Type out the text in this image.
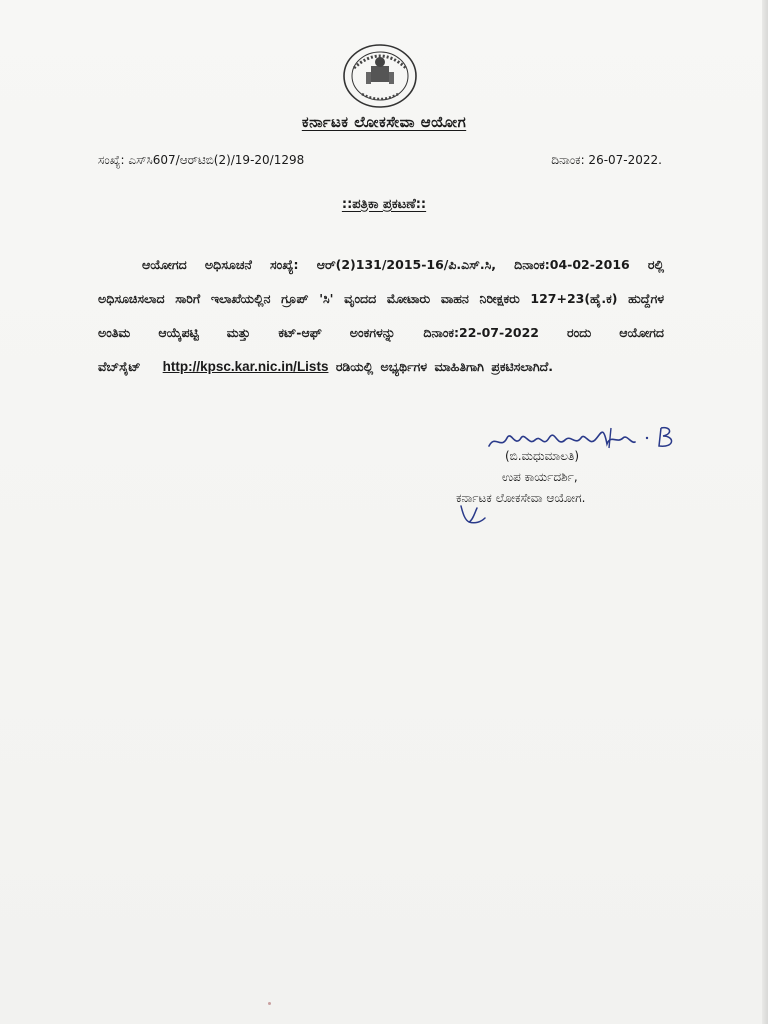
ಕರ್ನಾಟಕ ಲೋಕಸೇವಾ ಆಯೋಗ
ಸಂಖ್ಯೆ: ಎಸ್‌ಸಿ607/ಆರ್‌ಟಿಬಿ(2)/19-20/1298	ದಿನಾಂಕ: 26-07-2022.
::ಪತ್ರಿಕಾ ಪ್ರಕಟಣೆ::
ಆಯೋಗದ ಅಧಿಸೂಚನೆ ಸಂಖ್ಯೆ: ಆರ್(2)131/2015-16/ಪಿ.ಎಸ್.ಸಿ, ದಿನಾಂಕ:04-02-2016 ರಲ್ಲಿ ಅಧಿಸೂಚಿಸಲಾದ ಸಾರಿಗೆ ಇಲಾಖೆಯಲ್ಲಿನ ಗ್ರೂಪ್ 'ಸಿ' ವೃಂದದ ಮೋಟಾರು ವಾಹನ ನಿರೀಕ್ಷಕರು 127+23(ಹೈ.ಕ) ಹುದ್ದೆಗಳ ಅಂತಿಮ ಆಯ್ಕೆಪಟ್ಟಿ ಮತ್ತು ಕಟ್-ಆಫ್ ಅಂಕಗಳನ್ನು ದಿನಾಂಕ:22-07-2022 ರಂದು ಆಯೋಗದ ವೆಬ್‌ಸೈಟ್ http://kpsc.kar.nic.in/Lists ರಡಿಯಲ್ಲಿ ಅಭ್ಯರ್ಥಿಗಳ ಮಾಹಿತಿಗಾಗಿ ಪ್ರಕಟಿಸಲಾಗಿದೆ.
(ಬಿ.ಮಧುಮಾಲತಿ)
ಉಪ ಕಾರ್ಯದರ್ಶಿ,
ಕರ್ನಾಟಕ ಲೋಕಸೇವಾ ಆಯೋಗ.
